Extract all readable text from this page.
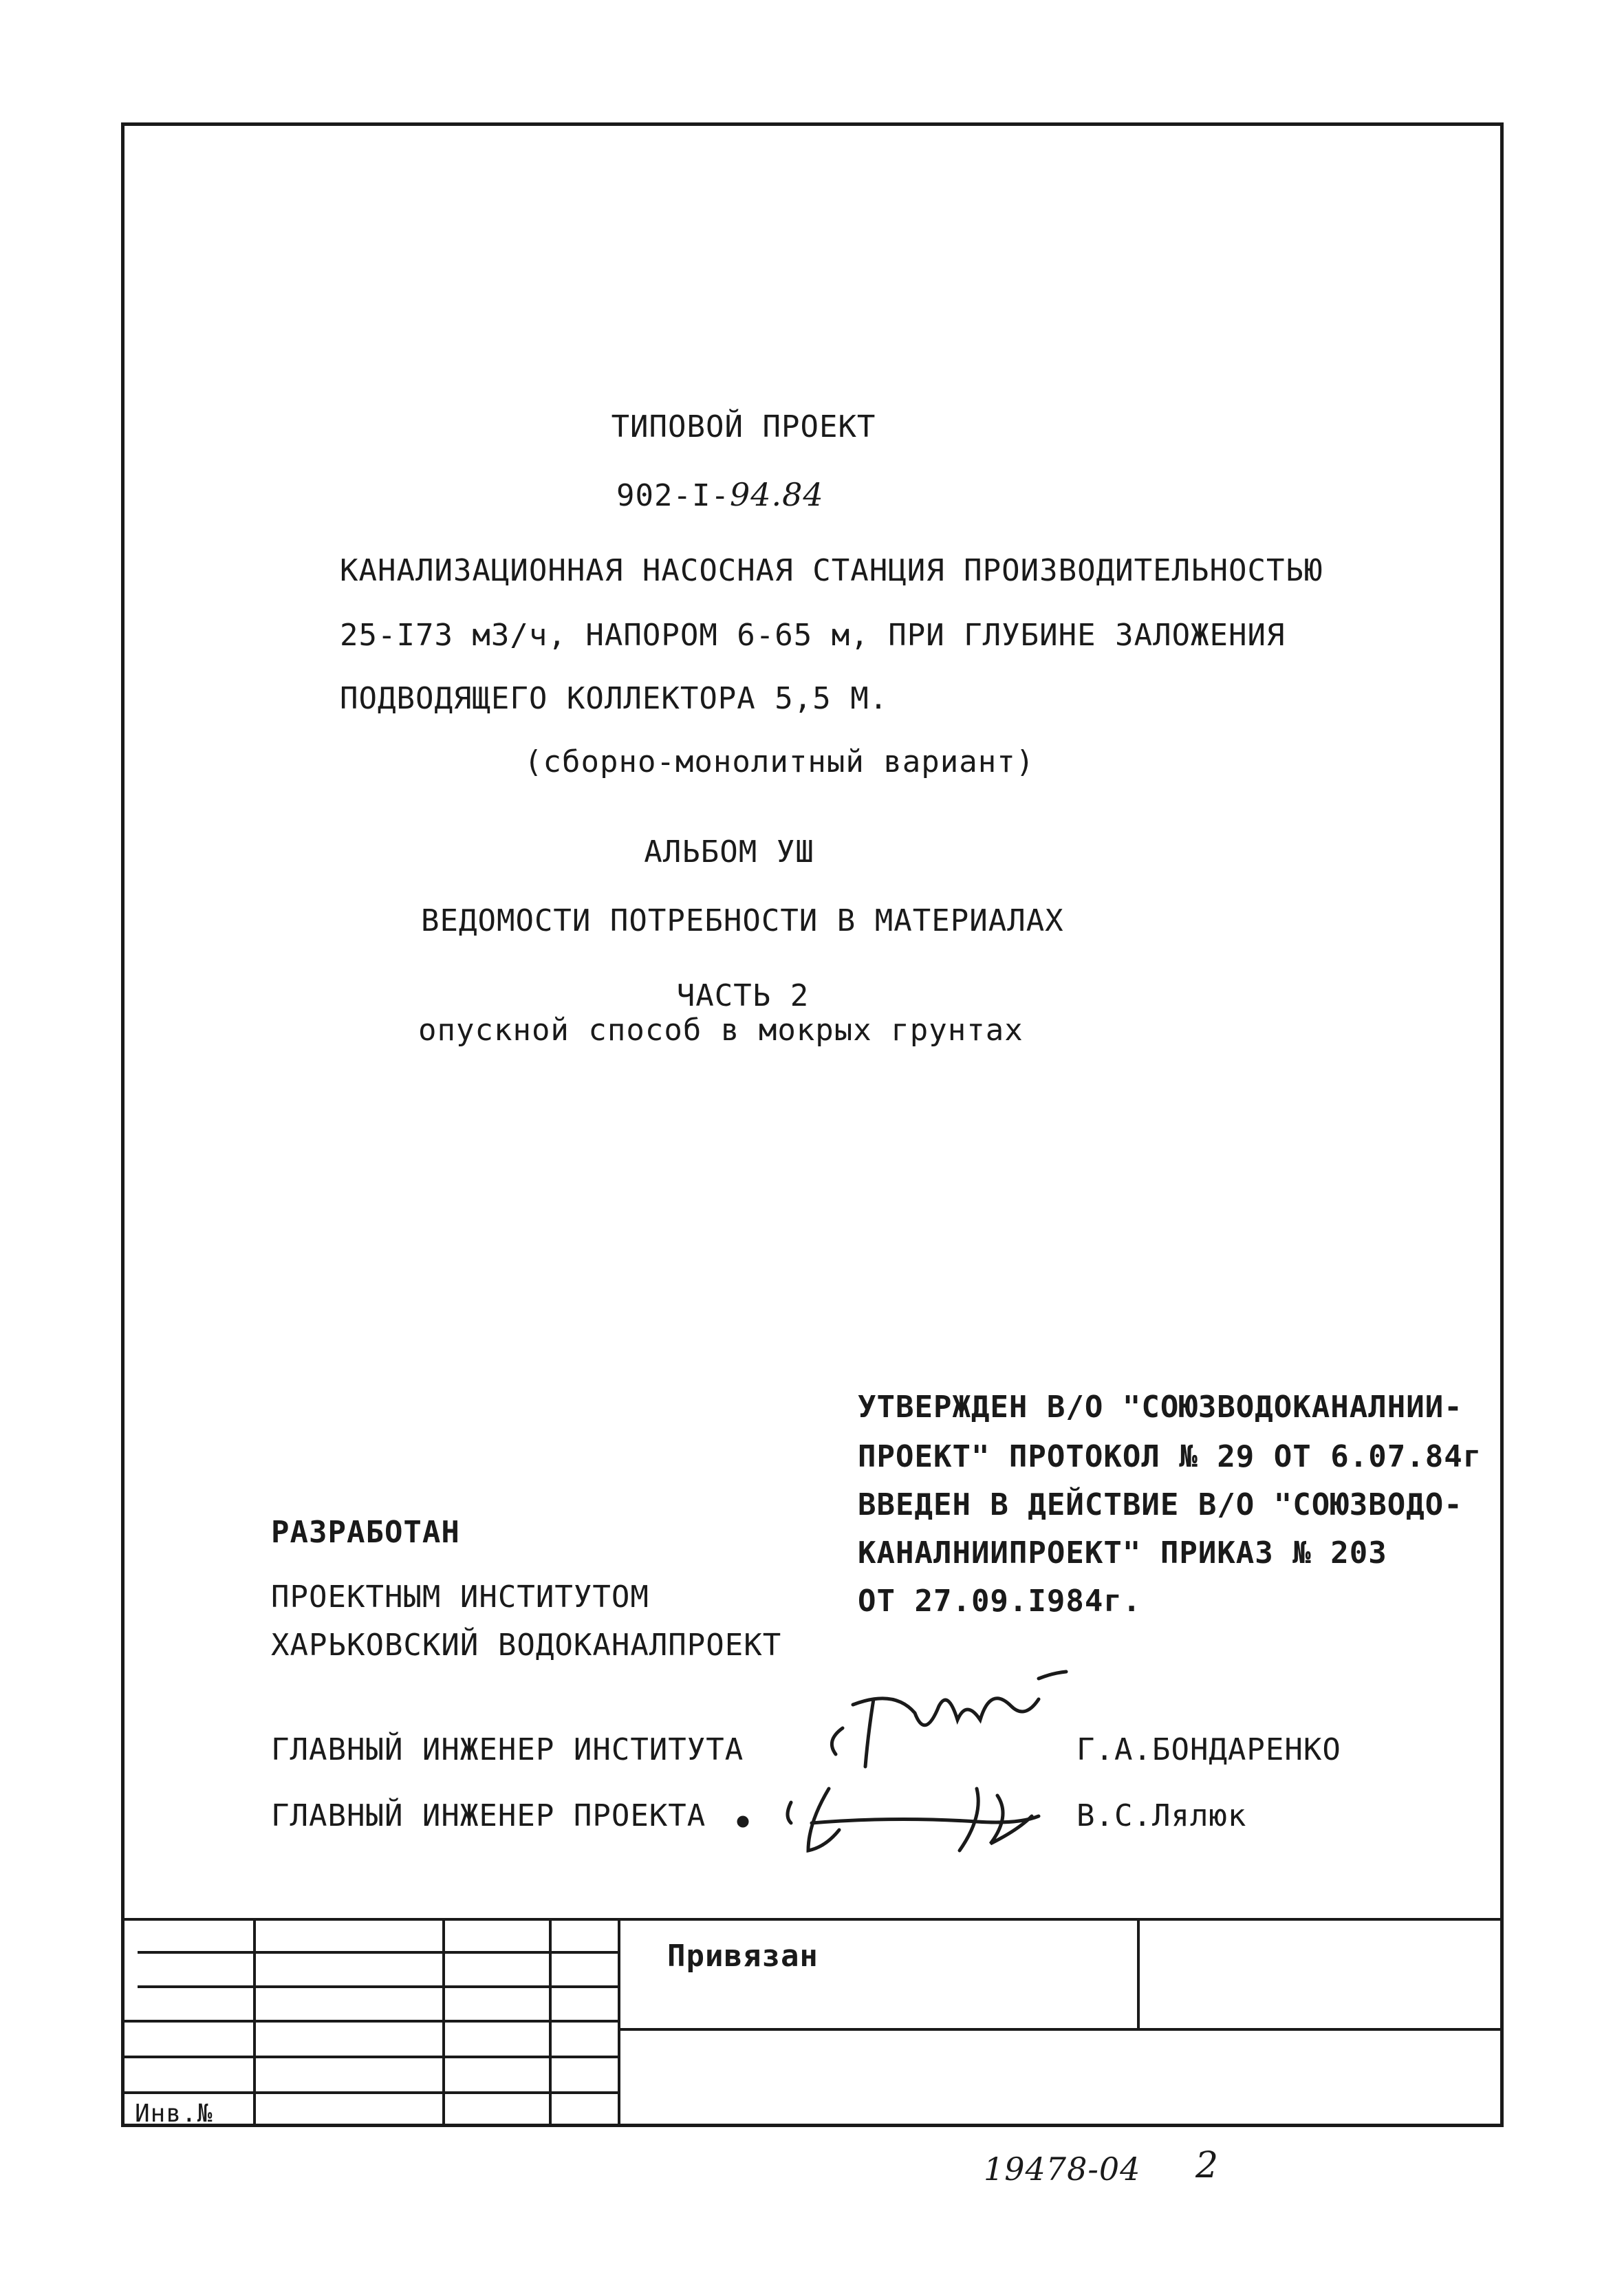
ТИПОВОЙ ПРОЕКТ
902-I-94.84
КАНАЛИЗАЦИОННАЯ НАСОСНАЯ СТАНЦИЯ ПРОИЗВОДИТЕЛЬНОСТЬЮ
25-I73 м3/ч, НАПОРОМ 6-65 м, ПРИ ГЛУБИНЕ ЗАЛОЖЕНИЯ
ПОДВОДЯЩЕГО КОЛЛЕКТОРА 5,5 М.
(сборно-монолитный вариант)
АЛЬБОМ УШ
ВЕДОМОСТИ ПОТРЕБНОСТИ В МАТЕРИАЛАХ
ЧАСТЬ 2
опускной способ в мокрых грунтах
УТВЕРЖДЕН В/О "СОЮЗВОДОКАНАЛНИИ-
ПРОЕКТ" ПРОТОКОЛ № 29 ОТ 6.07.84г
ВВЕДЕН В ДЕЙСТВИЕ В/О "СОЮЗВОДО-
КАНАЛНИИПРОЕКТ" ПРИКАЗ № 203
ОТ 27.09.I984г.
РАЗРАБОТАН
ПРОЕКТНЫМ ИНСТИТУТОМ
ХАРЬКОВСКИЙ ВОДОКАНАЛПРОЕКТ
ГЛАВНЫЙ ИНЖЕНЕР ИНСТИТУТА	Г.А.БОНДАРЕНКО
ГЛАВНЫЙ ИНЖЕНЕР ПРОЕКТА	В.С.Лялюк
Привязан
Инв.№
19478-04 2
